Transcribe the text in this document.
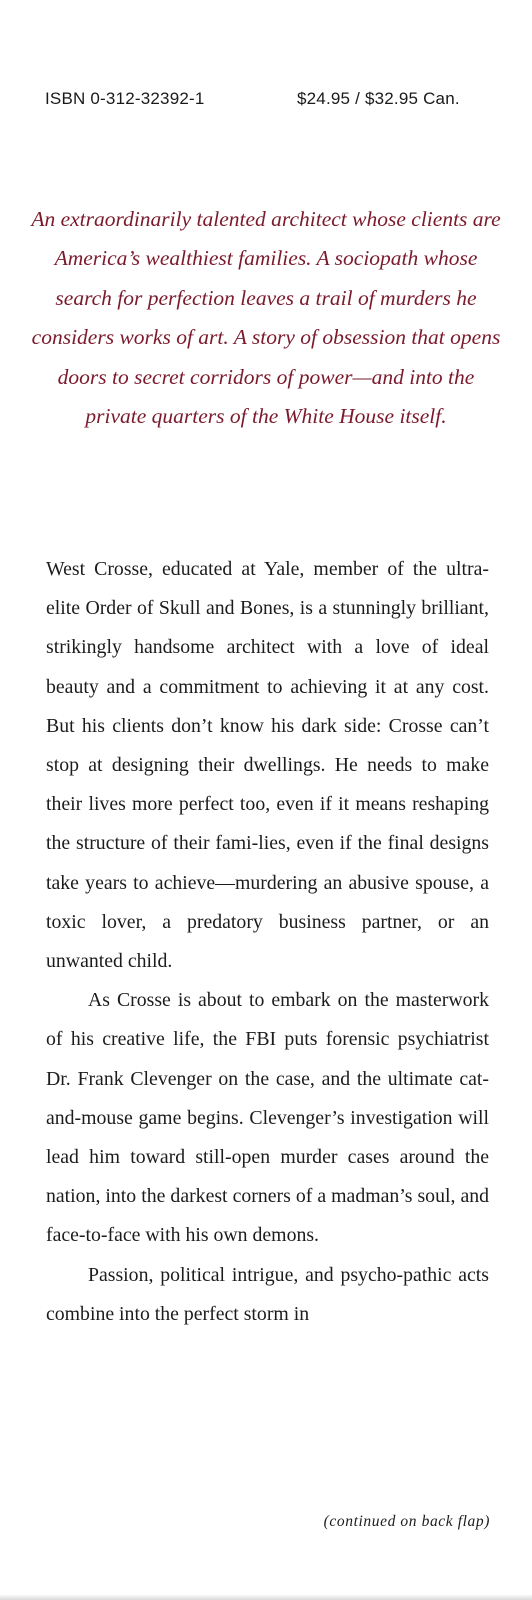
ISBN 0-312-32392-1	$24.95 / $32.95 Can.
An extraordinarily talented architect whose clients are America’s wealthiest families. A sociopath whose search for perfection leaves a trail of murders he considers works of art. A story of obsession that opens doors to secret corridors of power—and into the private quarters of the White House itself.

West Crosse, educated at Yale, member of the ultra-elite Order of Skull and Bones, is a stunningly brilliant, strikingly handsome architect with a love of ideal beauty and a commitment to achieving it at any cost. But his clients don’t know his dark side: Crosse can’t stop at designing their dwellings. He needs to make their lives more perfect too, even if it means reshaping the structure of their fami-lies, even if the final designs take years to achieve—murdering an abusive spouse, a toxic lover, a predatory business partner, or an unwanted child.

As Crosse is about to embark on the masterwork of his creative life, the FBI puts forensic psychiatrist Dr. Frank Clevenger on the case, and the ultimate cat-and-mouse game begins. Clevenger’s investigation will lead him toward still-open murder cases around the nation, into the darkest corners of a madman’s soul, and face-to-face with his own demons.

Passion, political intrigue, and psycho-pathic acts combine into the perfect storm in

(continued on back flap)
